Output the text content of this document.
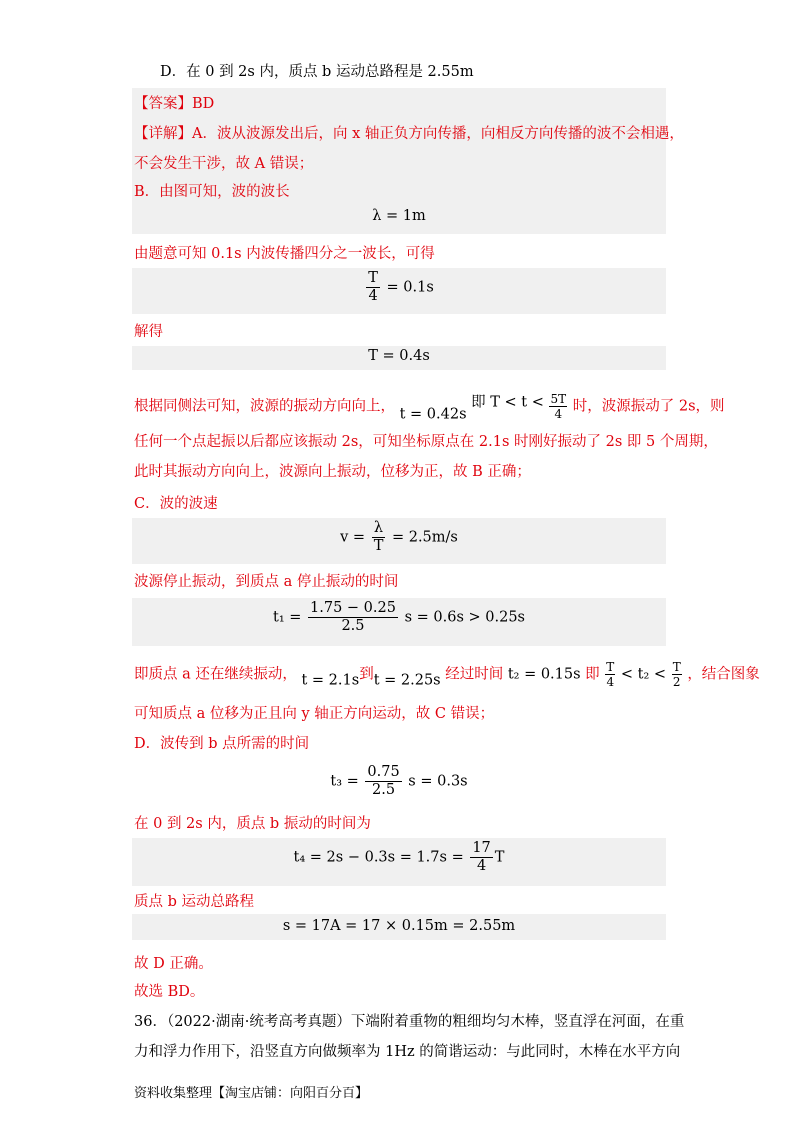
D．在 0 到 2s 内，质点 b 运动总路程是 2.55m
【答案】BD
【详解】A．波从波源发出后，向 x 轴正负方向传播，向相反方向传播的波不会相遇，
不会发生干涉，故 A 错误；
B．由图可知，波的波长
λ = 1m
由题意可知 0.1s 内波传播四分之一波长，可得
$\frac{T}{4} = 0.1s$
解得
T = 0.4s
根据同侧法可知，波源的振动方向向上， t = 0.42s 即 $T < t < \frac{5T}{4}$ 时，波源振动了 2s，则
任何一个点起振以后都应该振动 2s，可知坐标原点在 2.1s 时刚好振动了 2s 即 5 个周期，
此时其振动方向向上，波源向上振动，位移为正，故 B 正确；
C．波的波速
$v = \frac{\lambda}{T} = 2.5m/s$
波源停止振动，到质点 a 停止振动的时间
$t_1 = \frac{1.75 - 0.25}{2.5}$ s = 0.6s > 0.25s
即质点 a 还在继续振动， t = 2.1s到t = 2.25s 经过时间 t₂ = 0.15s 即 $\frac{T}{4} < t_2 < \frac{T}{2}$ ，结合图象
可知质点 a 位移为正且向 y 轴正方向运动，故 C 错误；
D．波传到 b 点所需的时间
$t_3 = \frac{0.75}{2.5}$ s = 0.3s
在 0 到 2s 内，质点 b 振动的时间为
$t_4 = 2s - 0.3s = 1.7s = \frac{17}{4}$ T
质点 b 运动总路程
s = 17A = 17 × 0.15m = 2.55m
故 D 正确。
故选 BD。
36．（2022·湖南·统考高考真题）下端附着重物的粗细均匀木棒，竖直浮在河面，在重
力和浮力作用下，沿竖直方向做频率为 1Hz 的简谐运动：与此同时，木棒在水平方向
资料收集整理【淘宝店铺：向阳百分百】
